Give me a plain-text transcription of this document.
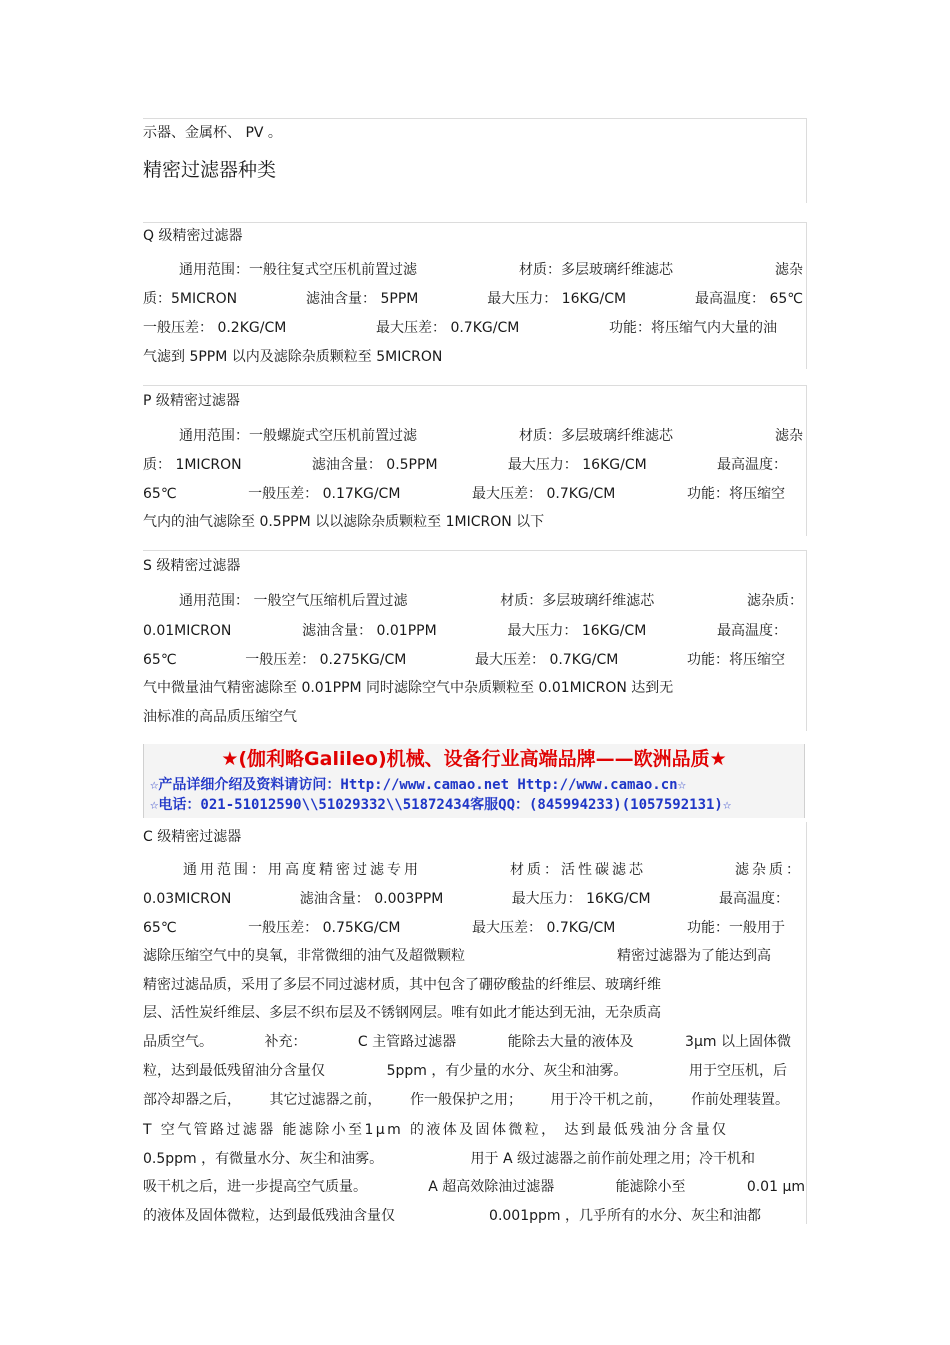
示器、金属杯、 PV 。
精密过滤器种类
Q 级精密过滤器
通用范围：一般往复式空压机前置过滤	材质：多层玻璃纤维滤芯	滤杂
质：5MICRON	滤油含量： 5PPM	最大压力： 16KG/CM	最高温度： 65℃
一般压差： 0.2KG/CM	最大压差： 0.7KG/CM	功能：将压缩气内大量的油
气滤到 5PPM 以内及滤除杂质颗粒至 5MICRON
P 级精密过滤器
通用范围：一般螺旋式空压机前置过滤	材质：多层玻璃纤维滤芯	滤杂
质： 1MICRON	滤油含量： 0.5PPM	最大压力： 16KG/CM	最高温度：
65℃	一般压差： 0.17KG/CM	最大压差： 0.7KG/CM	功能：将压缩空
气内的油气滤除至 0.5PPM 以以滤除杂质颗粒至 1MICRON 以下
S 级精密过滤器
通用范围： 一般空气压缩机后置过滤	材质：多层玻璃纤维滤芯	滤杂质：
0.01MICRON	滤油含量： 0.01PPM	最大压力： 16KG/CM	最高温度：
65℃	一般压差： 0.275KG/CM	最大压差： 0.7KG/CM	功能：将压缩空
气中微量油气精密滤除至 0.01PPM 同时滤除空气中杂质颗粒至 0.01MICRON 达到无
油标准的高品质压缩空气
★(伽利略Galileo)机械、设备行业高端品牌——欧洲品质★
☆产品详细介绍及资料请访问：Http://www.camao.net Http://www.camao.cn☆
☆电话：021-51012590\\51029332\\51872434客服QQ：(845994233)(1057592131)☆
C 级精密过滤器
通用范围：用高度精密过滤专用	材质：活性碳滤芯	滤杂质：
0.03MICRON	滤油含量： 0.003PPM	最大压力： 16KG/CM	最高温度：
65℃	一般压差： 0.75KG/CM	最大压差： 0.7KG/CM	功能：一般用于
滤除压缩空气中的臭氧，非常微细的油气及超微颗粒	精密过滤器为了能达到高
精密过滤品质，采用了多层不同过滤材质，其中包含了硼矽酸盐的纤维层、玻璃纤维
层、活性炭纤维层、多层不织布层及不锈钢网层。唯有如此才能达到无油，无杂质高
品质空气。	补充：	C 主管路过滤器	能除去大量的液体及	3μm 以上固体微
粒，达到最低残留油分含量仅	5ppm ，有少量的水分、灰尘和油雾。	用于空压机，后
部冷却器之后， 其它过滤器之前， 作一般保护之用； 用于冷干机之前， 作前处理装置。
T 空气管路过滤器 能滤除小至1μm 的液体及固体微粒， 达到最低残油分含量仅
0.5ppm ，有微量水分、灰尘和油雾。	用于 A 级过滤器之前作前处理之用；冷干机和
吸干机之后，进一步提高空气质量。	A 超高效除油过滤器	能滤除小至	0.01 μm
的液体及固体微粒，达到最低残油含量仅	0.001ppm ，几乎所有的水分、灰尘和油都
